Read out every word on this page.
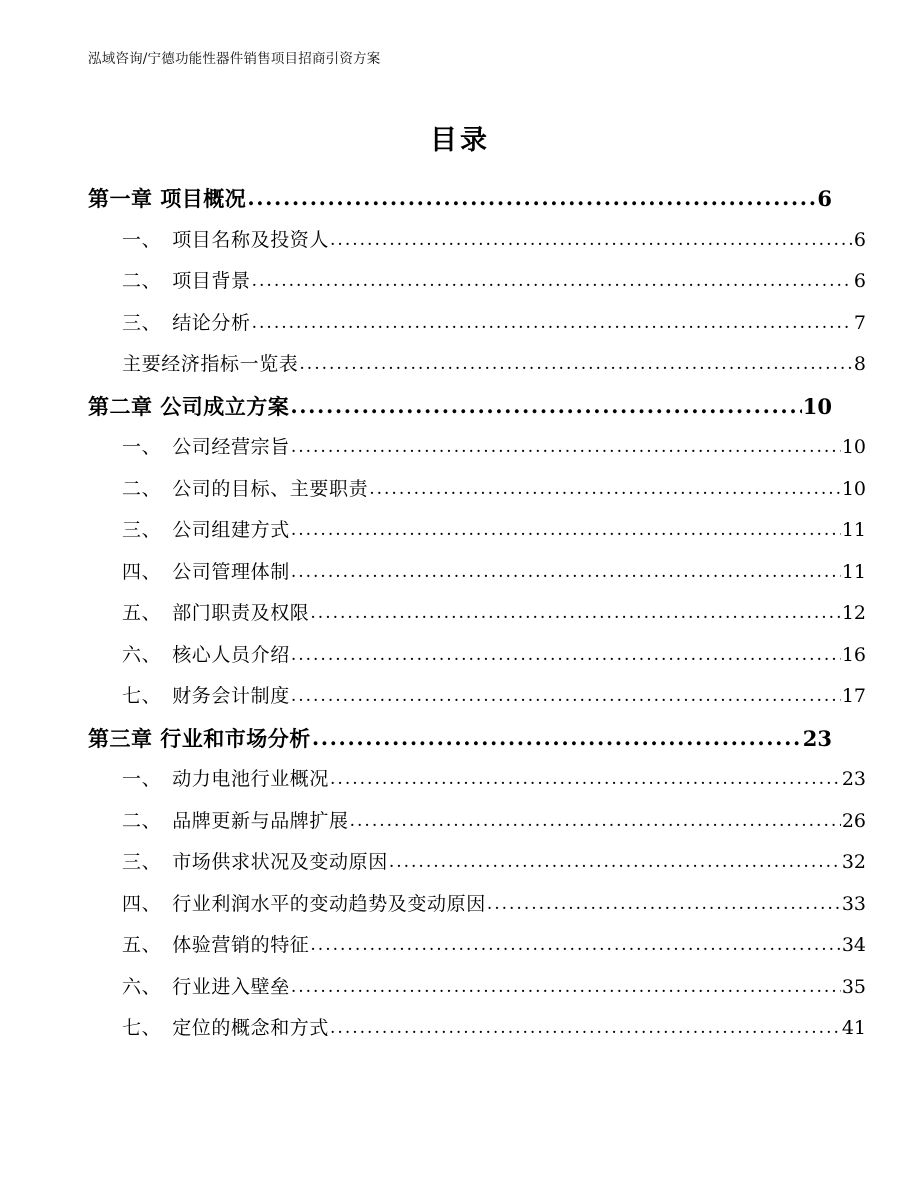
泓域咨询/宁德功能性器件销售项目招商引资方案
目录
第一章 项目概况 .....	6
一、 项目名称及投资人 .....	6
二、 项目背景 .....	6
三、 结论分析 .....	7
主要经济指标一览表 .....	8
第二章 公司成立方案 .....	10
一、 公司经营宗旨 .....	10
二、 公司的目标、主要职责 .....	10
三、 公司组建方式 .....	11
四、 公司管理体制 .....	11
五、 部门职责及权限 .....	12
六、 核心人员介绍 .....	16
七、 财务会计制度 .....	17
第三章 行业和市场分析 .....	23
一、 动力电池行业概况 .....	23
二、 品牌更新与品牌扩展 .....	26
三、 市场供求状况及变动原因 .....	32
四、 行业利润水平的变动趋势及变动原因 .....	33
五、 体验营销的特征 .....	34
六、 行业进入壁垒 .....	35
七、 定位的概念和方式 .....	41
